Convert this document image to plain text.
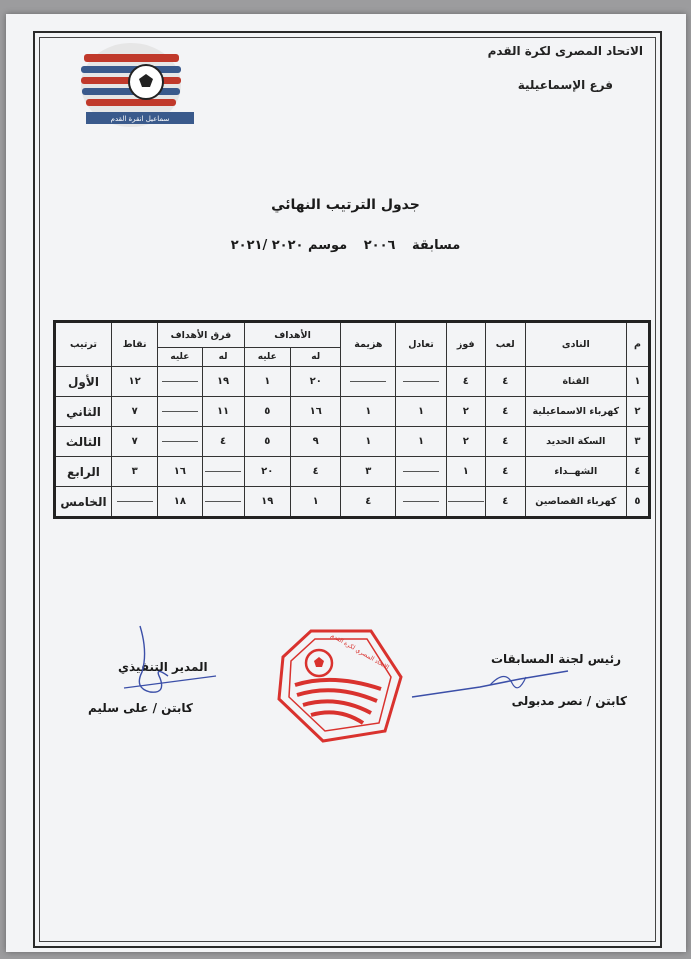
الاتحاد المصرى لكرة القدم
فرع الإسماعيلية
سماعيل انقرة القدم
جدول الترتيب النهائي
مسابقة ٢٠٠٦ موسم ٢٠٢٠ /٢٠٢١
م	النادى	لعب	فوز	تعادل	هزيمة	الأهداف		فرق الأهداف		نقاط	ترتيب
						له	عليه	له	عليه		
١	القناة	٤	٤			٢٠	١	١٩		١٢	الأول
٢	كهرباء الاسماعيلية	٤	٢	١	١	١٦	٥	١١		٧	الثاني
٣	السكة الحديد	٤	٢	١	١	٩	٥	٤		٧	الثالث
٤	الشهــداء	٤	١		٣	٤	٢٠		١٦	٣	الرابع
٥	كهرباء القصاصين	٤			٤	١	١٩		١٨		الخامس
الاتحاد المصري لكرة القدم	رئيس لجنة المسابقات
كابتن / نصر مدبولى
المدير التنفيذي
كابتن / على سليم
